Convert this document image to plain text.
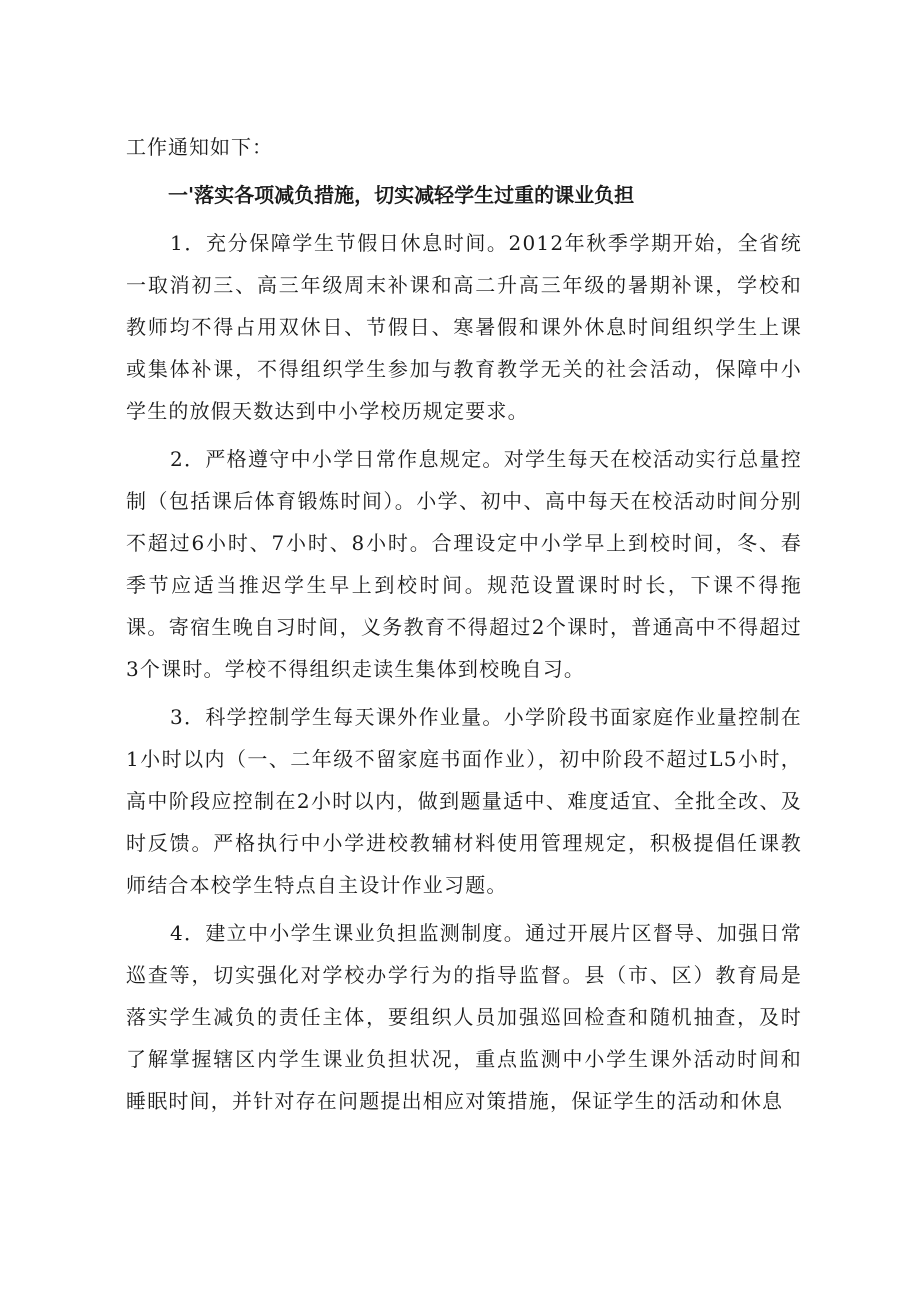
工作通知如下：

一'落实各项减负措施，切实减轻学生过重的课业负担

1．充分保障学生节假日休息时间。2012年秋季学期开始，全省统一取消初三、高三年级周末补课和高二升高三年级的暑期补课，学校和教师均不得占用双休日、节假日、寒暑假和课外休息时间组织学生上课或集体补课，不得组织学生参加与教育教学无关的社会活动，保障中小学生的放假天数达到中小学校历规定要求。

2．严格遵守中小学日常作息规定。对学生每天在校活动实行总量控制（包括课后体育锻炼时间）。小学、初中、高中每天在校活动时间分别不超过6小时、7小时、8小时。合理设定中小学早上到校时间，冬、春季节应适当推迟学生早上到校时间。规范设置课时时长，下课不得拖课。寄宿生晚自习时间，义务教育不得超过2个课时，普通高中不得超过3个课时。学校不得组织走读生集体到校晚自习。

3．科学控制学生每天课外作业量。小学阶段书面家庭作业量控制在1小时以内（一、二年级不留家庭书面作业），初中阶段不超过L5小时，高中阶段应控制在2小时以内，做到题量适中、难度适宜、全批全改、及时反馈。严格执行中小学进校教辅材料使用管理规定，积极提倡任课教师结合本校学生特点自主设计作业习题。

4．建立中小学生课业负担监测制度。通过开展片区督导、加强日常巡查等，切实强化对学校办学行为的指导监督。县（市、区）教育局是落实学生减负的责任主体，要组织人员加强巡回检查和随机抽查，及时了解掌握辖区内学生课业负担状况，重点监测中小学生课外活动时间和睡眠时间，并针对存在问题提出相应对策措施，保证学生的活动和休息
